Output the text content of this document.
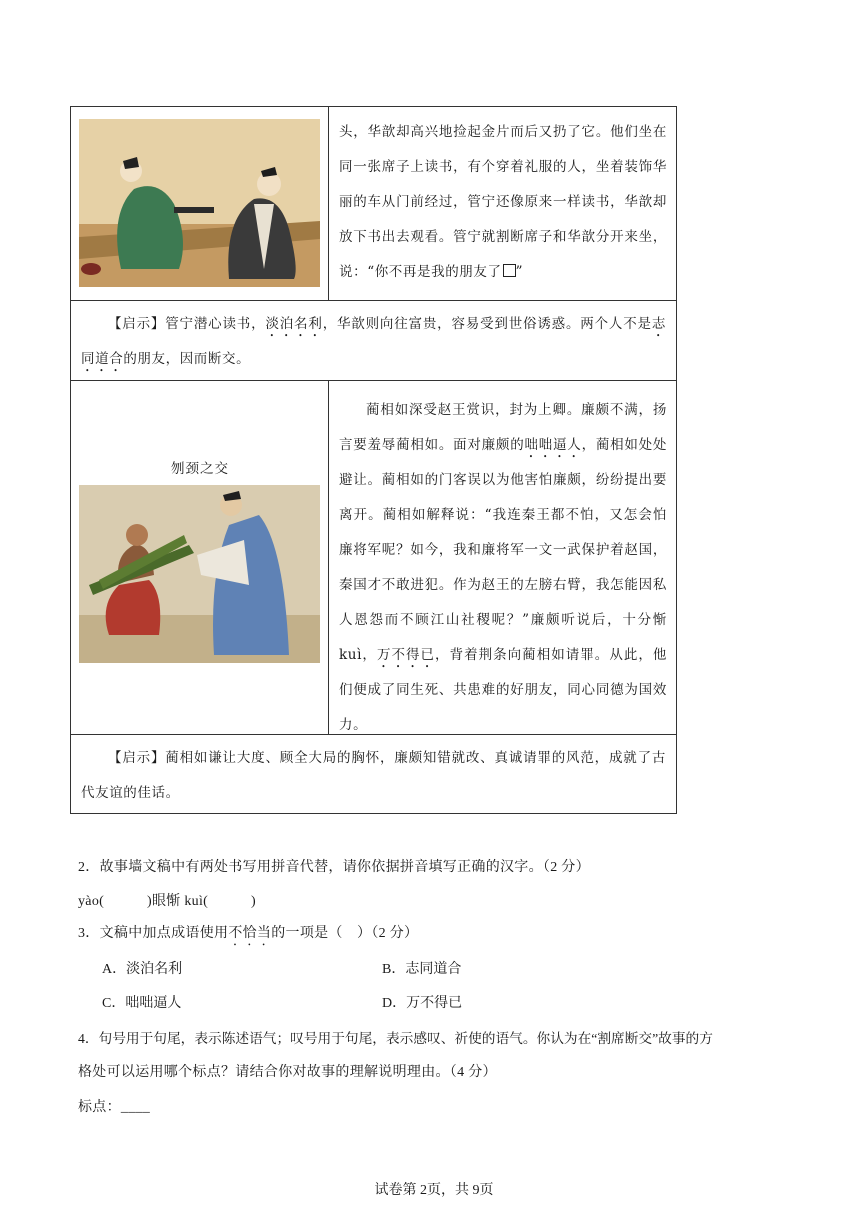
头，华歆却高兴地捡起金片而后又扔了它。他们坐在同一张席子上读书，有个穿着礼服的人，坐着装饰华丽的车从门前经过，管宁还像原来一样读书，华歆却放下书出去观看。管宁就割断席子和华歆分开来坐，说：“你不再是我的朋友了 ”
【启示】管宁潜心读书，淡泊名利，华歆则向往富贵，容易受到世俗诱惑。两个人不是志同道合的朋友，因而断交。
刎颈之交
蔺相如深受赵王赏识，封为上卿。廉颇不满，扬言要羞辱蔺相如。面对廉颇的咄咄逼人，蔺相如处处避让。蔺相如的门客误以为他害怕廉颇，纷纷提出要离开。蔺相如解释说：“我连秦王都不怕，又怎会怕廉将军呢？如今，我和廉将军一文一武保护着赵国，秦国才不敢进犯。作为赵王的左膀右臂，我怎能因私人恩怨而不顾江山社稷呢？”廉颇听说后，十分惭 kuì，万不得已，背着荆条向蔺相如请罪。从此，他们便成了同生死、共患难的好朋友，同心同德为国效力。
【启示】蔺相如谦让大度、顾全大局的胸怀，廉颇知错就改、真诚请罪的风范，成就了古代友谊的佳话。
2．故事墙文稿中有两处书写用拼音代替，请你依据拼音填写正确的汉字。（2 分）
yào(　　　)眼惭 kuì(　　　)
3．文稿中加点成语使用不恰当的一项是（　）（2 分）
A．淡泊名利	B．志同道合
C．咄咄逼人	D．万不得已
4．句号用于句尾，表示陈述语气；叹号用于句尾，表示感叹、祈使的语气。你认为在“割席断交”故事的方
格处可以运用哪个标点？请结合你对故事的理解说明理由。（4 分）
标点：____
试卷第 2页，共 9页
